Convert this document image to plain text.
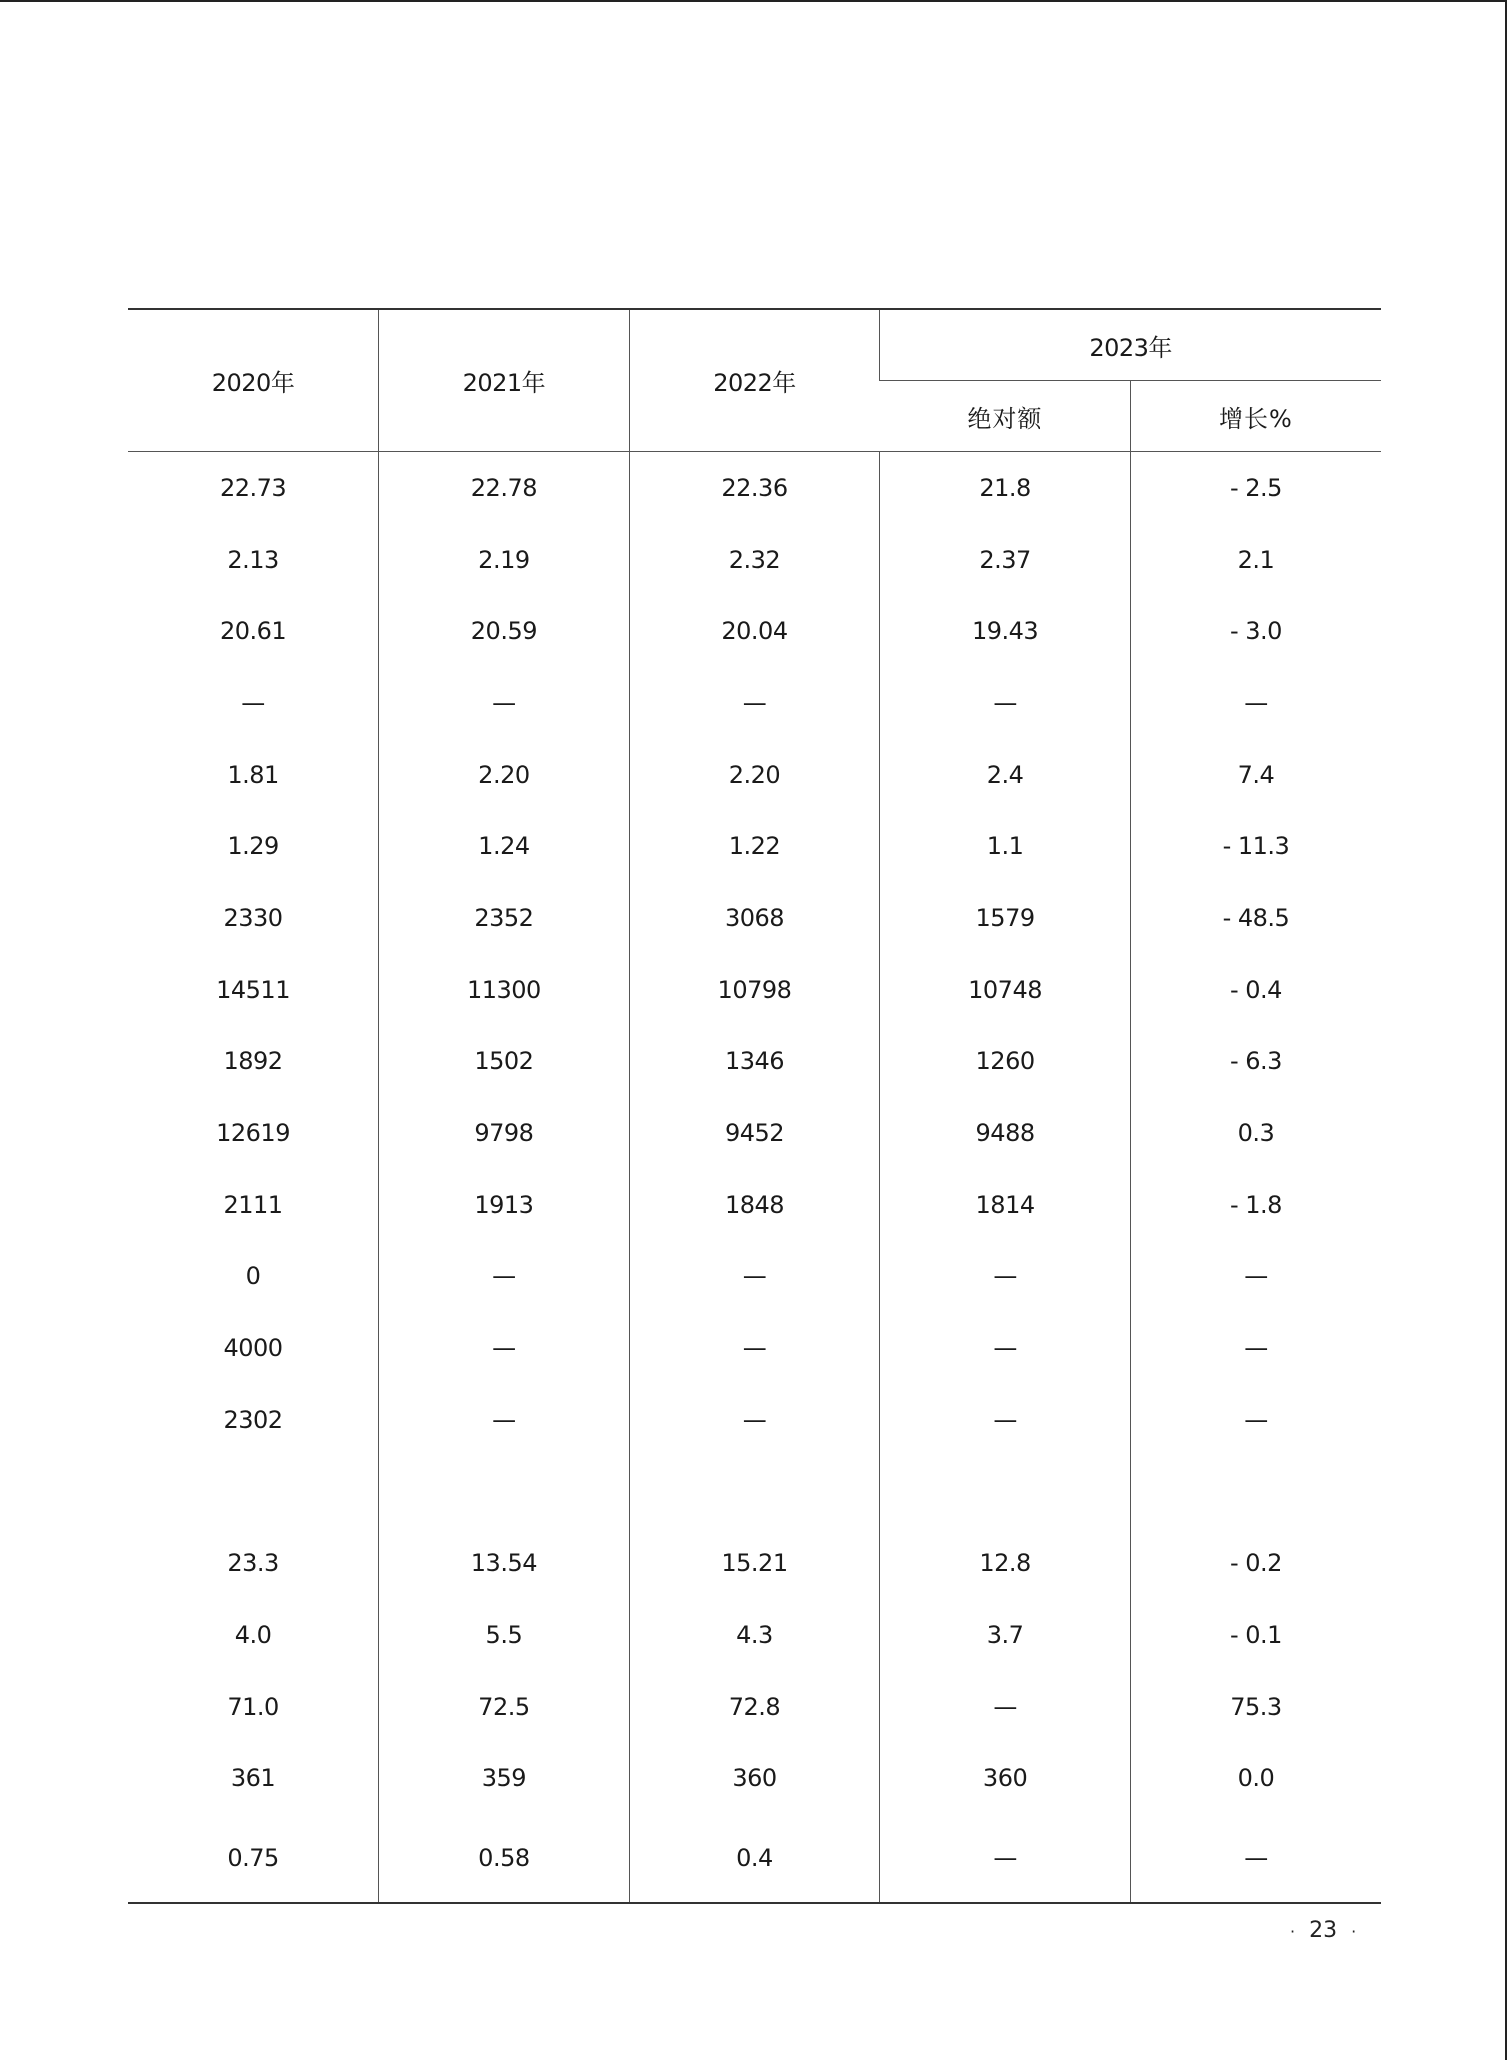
2020年	2021年	2022年	2023年	
			绝对额	增长%
22.73	22.78	22.36	21.8	- 2.5
2.13	2.19	2.32	2.37	2.1
20.61	20.59	20.04	19.43	- 3.0
—	—	—	—	—
1.81	2.20	2.20	2.4	7.4
1.29	1.24	1.22	1.1	- 11.3
2330	2352	3068	1579	- 48.5
14511	11300	10798	10748	- 0.4
1892	1502	1346	1260	- 6.3
12619	9798	9452	9488	0.3
2111	1913	1848	1814	- 1.8
0	—	—	—	—
4000	—	—	—	—
2302	—	—	—	—

23.3	13.54	15.21	12.8	- 0.2
4.0	5.5	4.3	3.7	- 0.1
71.0	72.5	72.8	—	75.3
361	359	360	360	0.0
0.75	0.58	0.4	—	—
· 23 ·
